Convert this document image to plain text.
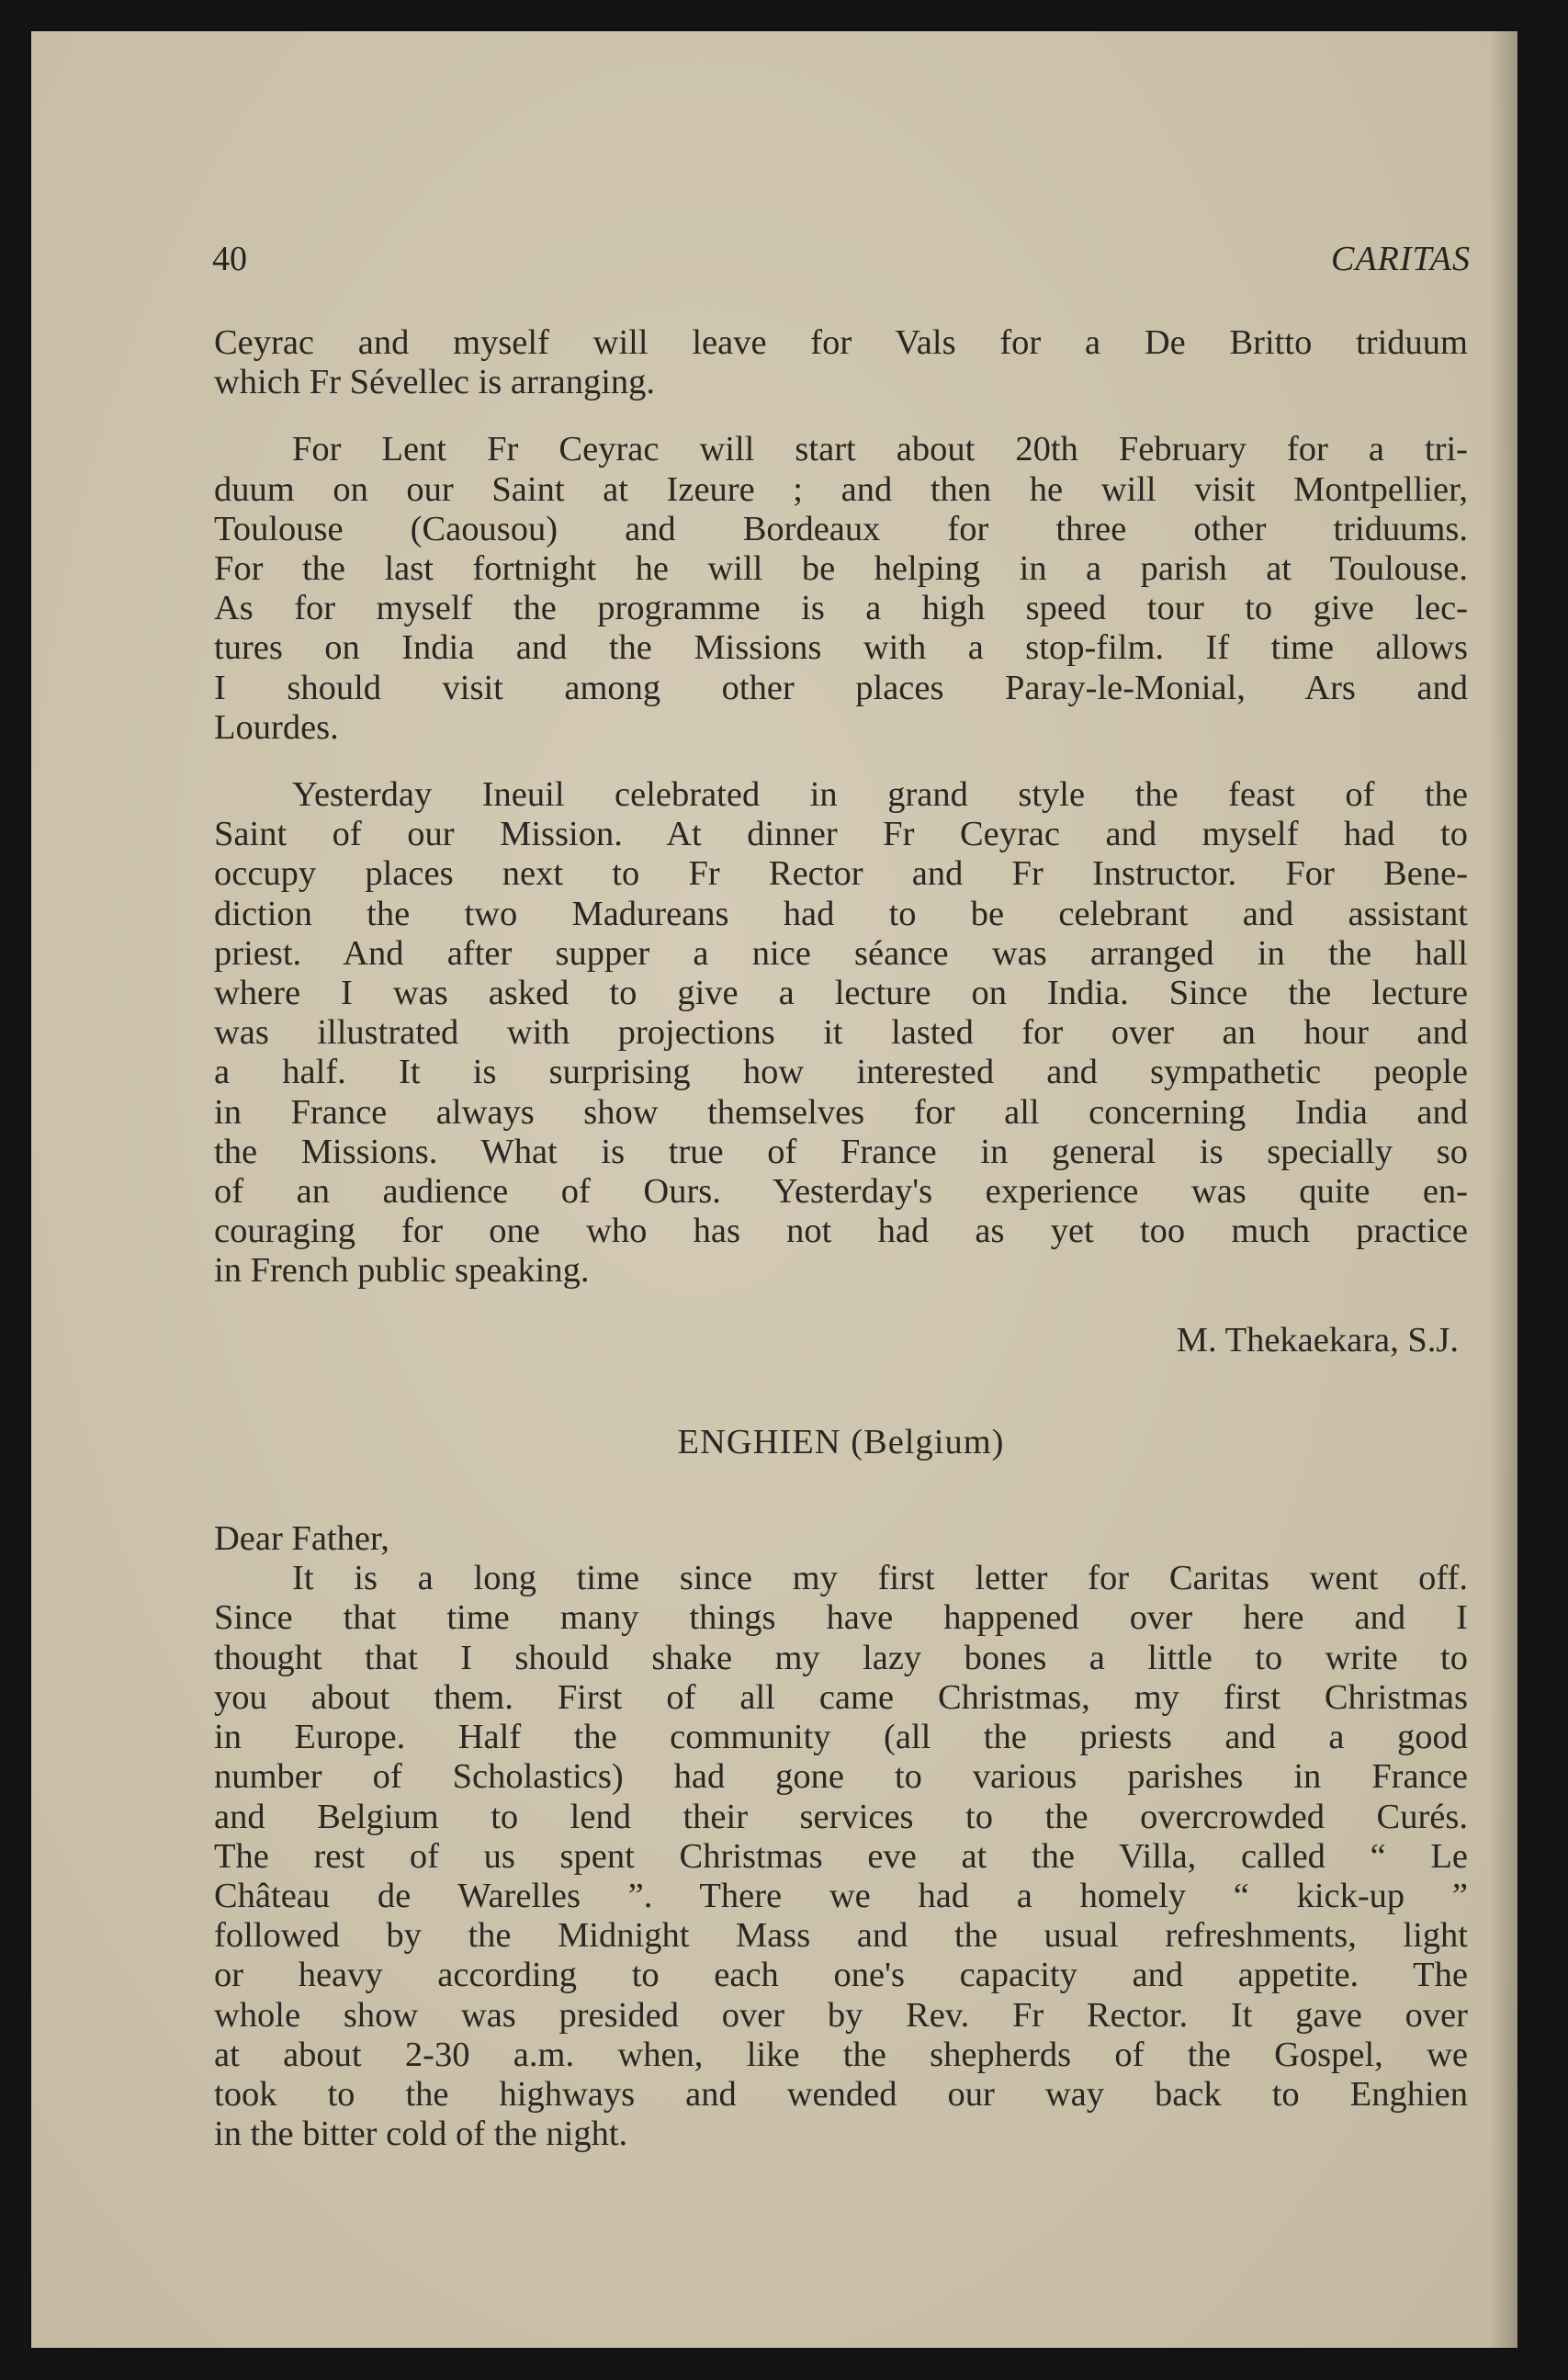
40	CARITAS
Ceyrac and myself will leave for Vals for a De Britto triduum
which Fr Sévellec is arranging.
For Lent Fr Ceyrac will start about 20th February for a tri-
duum on our Saint at Izeure ; and then he will visit Montpellier,
Toulouse (Caousou) and Bordeaux for three other triduums.
For the last fortnight he will be helping in a parish at Toulouse.
As for myself the programme is a high speed tour to give lec-
tures on India and the Missions with a stop-film. If time allows
I should visit among other places Paray-le-Monial, Ars and
Lourdes.
Yesterday Ineuil celebrated in grand style the feast of the
Saint of our Mission. At dinner Fr Ceyrac and myself had to
occupy places next to Fr Rector and Fr Instructor. For Bene-
diction the two Madureans had to be celebrant and assistant
priest. And after supper a nice séance was arranged in the hall
where I was asked to give a lecture on India. Since the lecture
was illustrated with projections it lasted for over an hour and
a half. It is surprising how interested and sympathetic people
in France always show themselves for all concerning India and
the Missions. What is true of France in general is specially so
of an audience of Ours. Yesterday's experience was quite en-
couraging for one who has not had as yet too much practice
in French public speaking.
M. Thekaekara, S.J.
ENGHIEN (Belgium)
Dear Father,
It is a long time since my first letter for Caritas went off.
Since that time many things have happened over here and I
thought that I should shake my lazy bones a little to write to
you about them. First of all came Christmas, my first Christmas
in Europe. Half the community (all the priests and a good
number of Scholastics) had gone to various parishes in France
and Belgium to lend their services to the overcrowded Curés.
The rest of us spent Christmas eve at the Villa, called “ Le
Château de Warelles ”. There we had a homely “ kick-up ”
followed by the Midnight Mass and the usual refreshments, light
or heavy according to each one's capacity and appetite. The
whole show was presided over by Rev. Fr Rector. It gave over
at about 2-30 a.m. when, like the shepherds of the Gospel, we
took to the highways and wended our way back to Enghien
in the bitter cold of the night.
